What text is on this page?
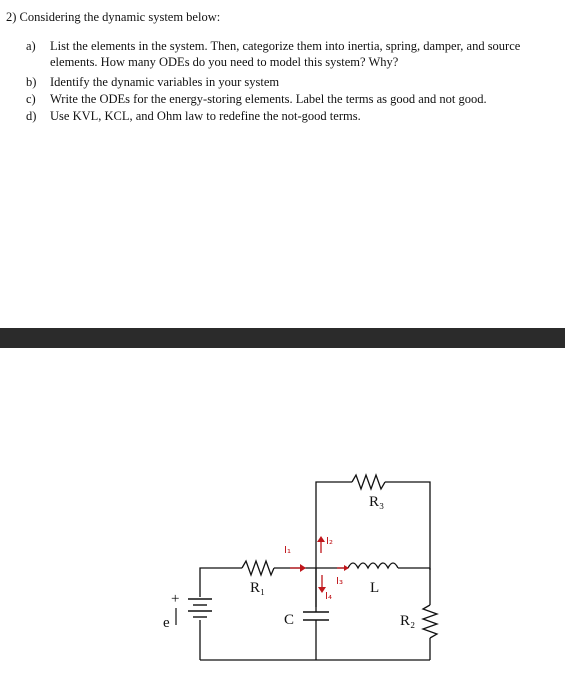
2) Considering the dynamic system below:
a) List the elements in the system. Then, categorize them into inertia, spring, damper, and source
elements. How many ODEs do you need to model this system? Why?
b) Identify the dynamic variables in your system
c) Write the ODEs for the energy-storing elements. Label the terms as good and not good.
d) Use KVL, KCL, and Ohm law to redefine the not-good terms.
R₃
R₁	L
C	R₂
e
+
I₁
I₂
I₃
I₄
